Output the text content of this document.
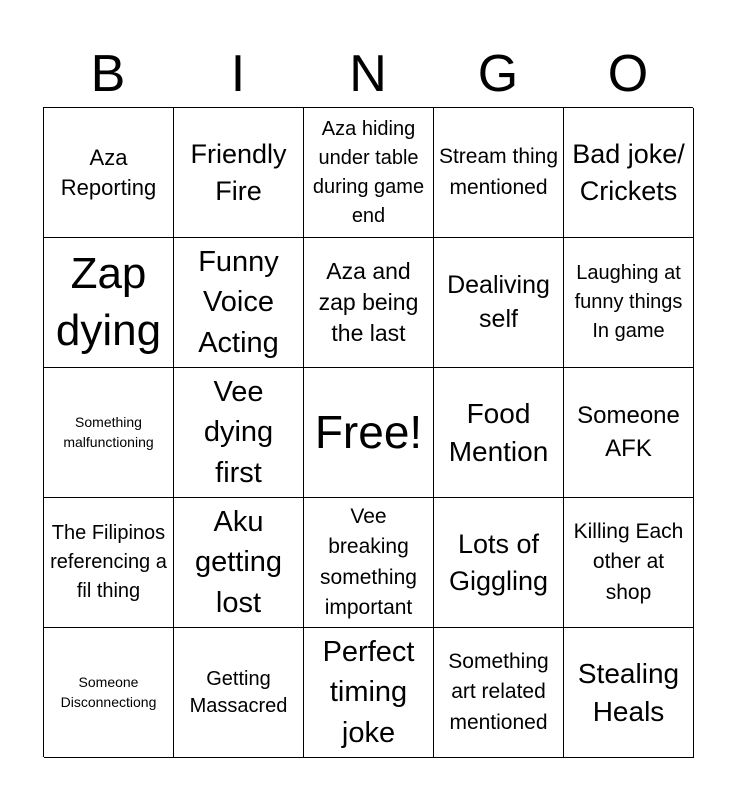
B	I	N	G	O
Aza Reporting
Friendly Fire
Aza hiding under table during game end
Stream thing mentioned
Bad joke/ Crickets
Zap dying
Funny Voice Acting
Aza and zap being the last
Dealiving self
Laughing at funny things In game
Something malfunctioning
Vee dying first
Free!	Food Mention
Someone AFK
The Filipinos referencing a fil thing
Aku getting lost
Vee breaking something important
Lots of Giggling
Killing Each other at shop
Someone Disconnectiong
Getting Massacred
Perfect timing joke
Something art related mentioned
Stealing Heals
